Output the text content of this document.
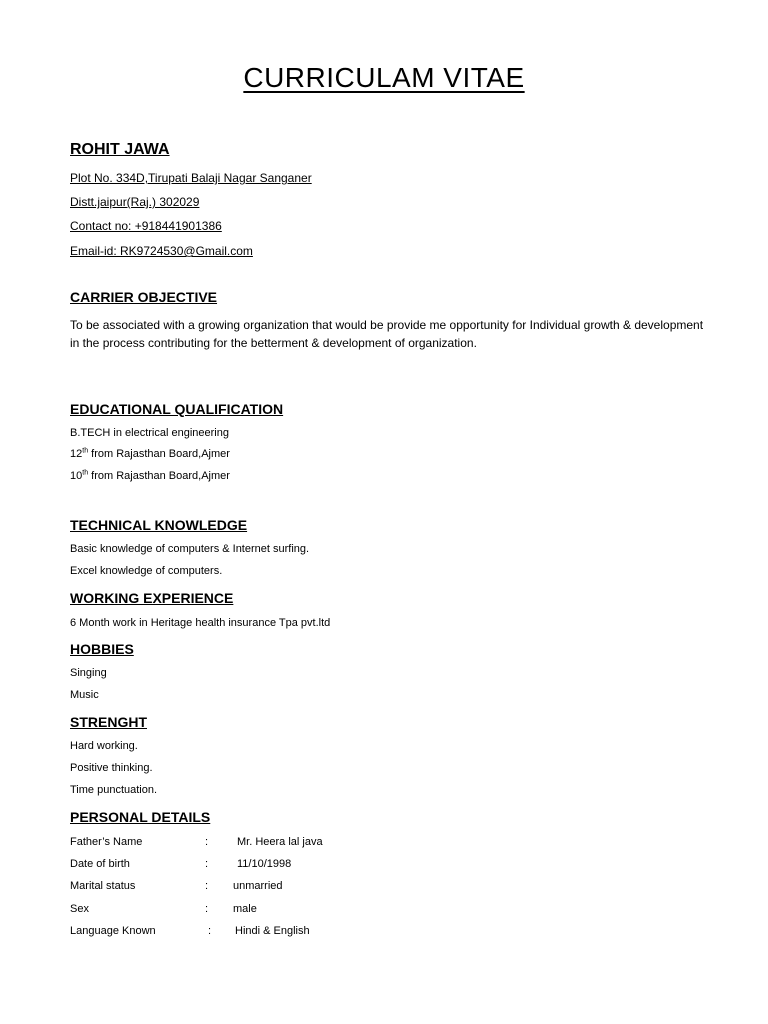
CURRICULAM VITAE
ROHIT JAWA
Plot No. 334D,Tirupati Balaji Nagar Sanganer
Distt.jaipur(Raj.) 302029
Contact no: +918441901386
Email-id: RK9724530@Gmail.com
CARRIER OBJECTIVE
To be associated with a growing organization that would be provide me opportunity for Individual growth & development in the process contributing for the betterment & development of organization.
EDUCATIONAL QUALIFICATION
B.TECH in electrical engineering
12th from Rajasthan Board,Ajmer
10th from Rajasthan Board,Ajmer
TECHNICAL KNOWLEDGE
Basic knowledge of computers & Internet surfing.
Excel knowledge of computers.
WORKING EXPERIENCE
6 Month work in Heritage health insurance Tpa pvt.ltd
HOBBIES
Singing
Music
STRENGHT
Hard working.
Positive thinking.
Time punctuation.
PERSONAL DETAILS
Father’s Name	:	Mr. Heera lal java
Date of birth	:	11/10/1998
Marital status	: unmarried
Sex	: male
Language Known	: Hindi & English
